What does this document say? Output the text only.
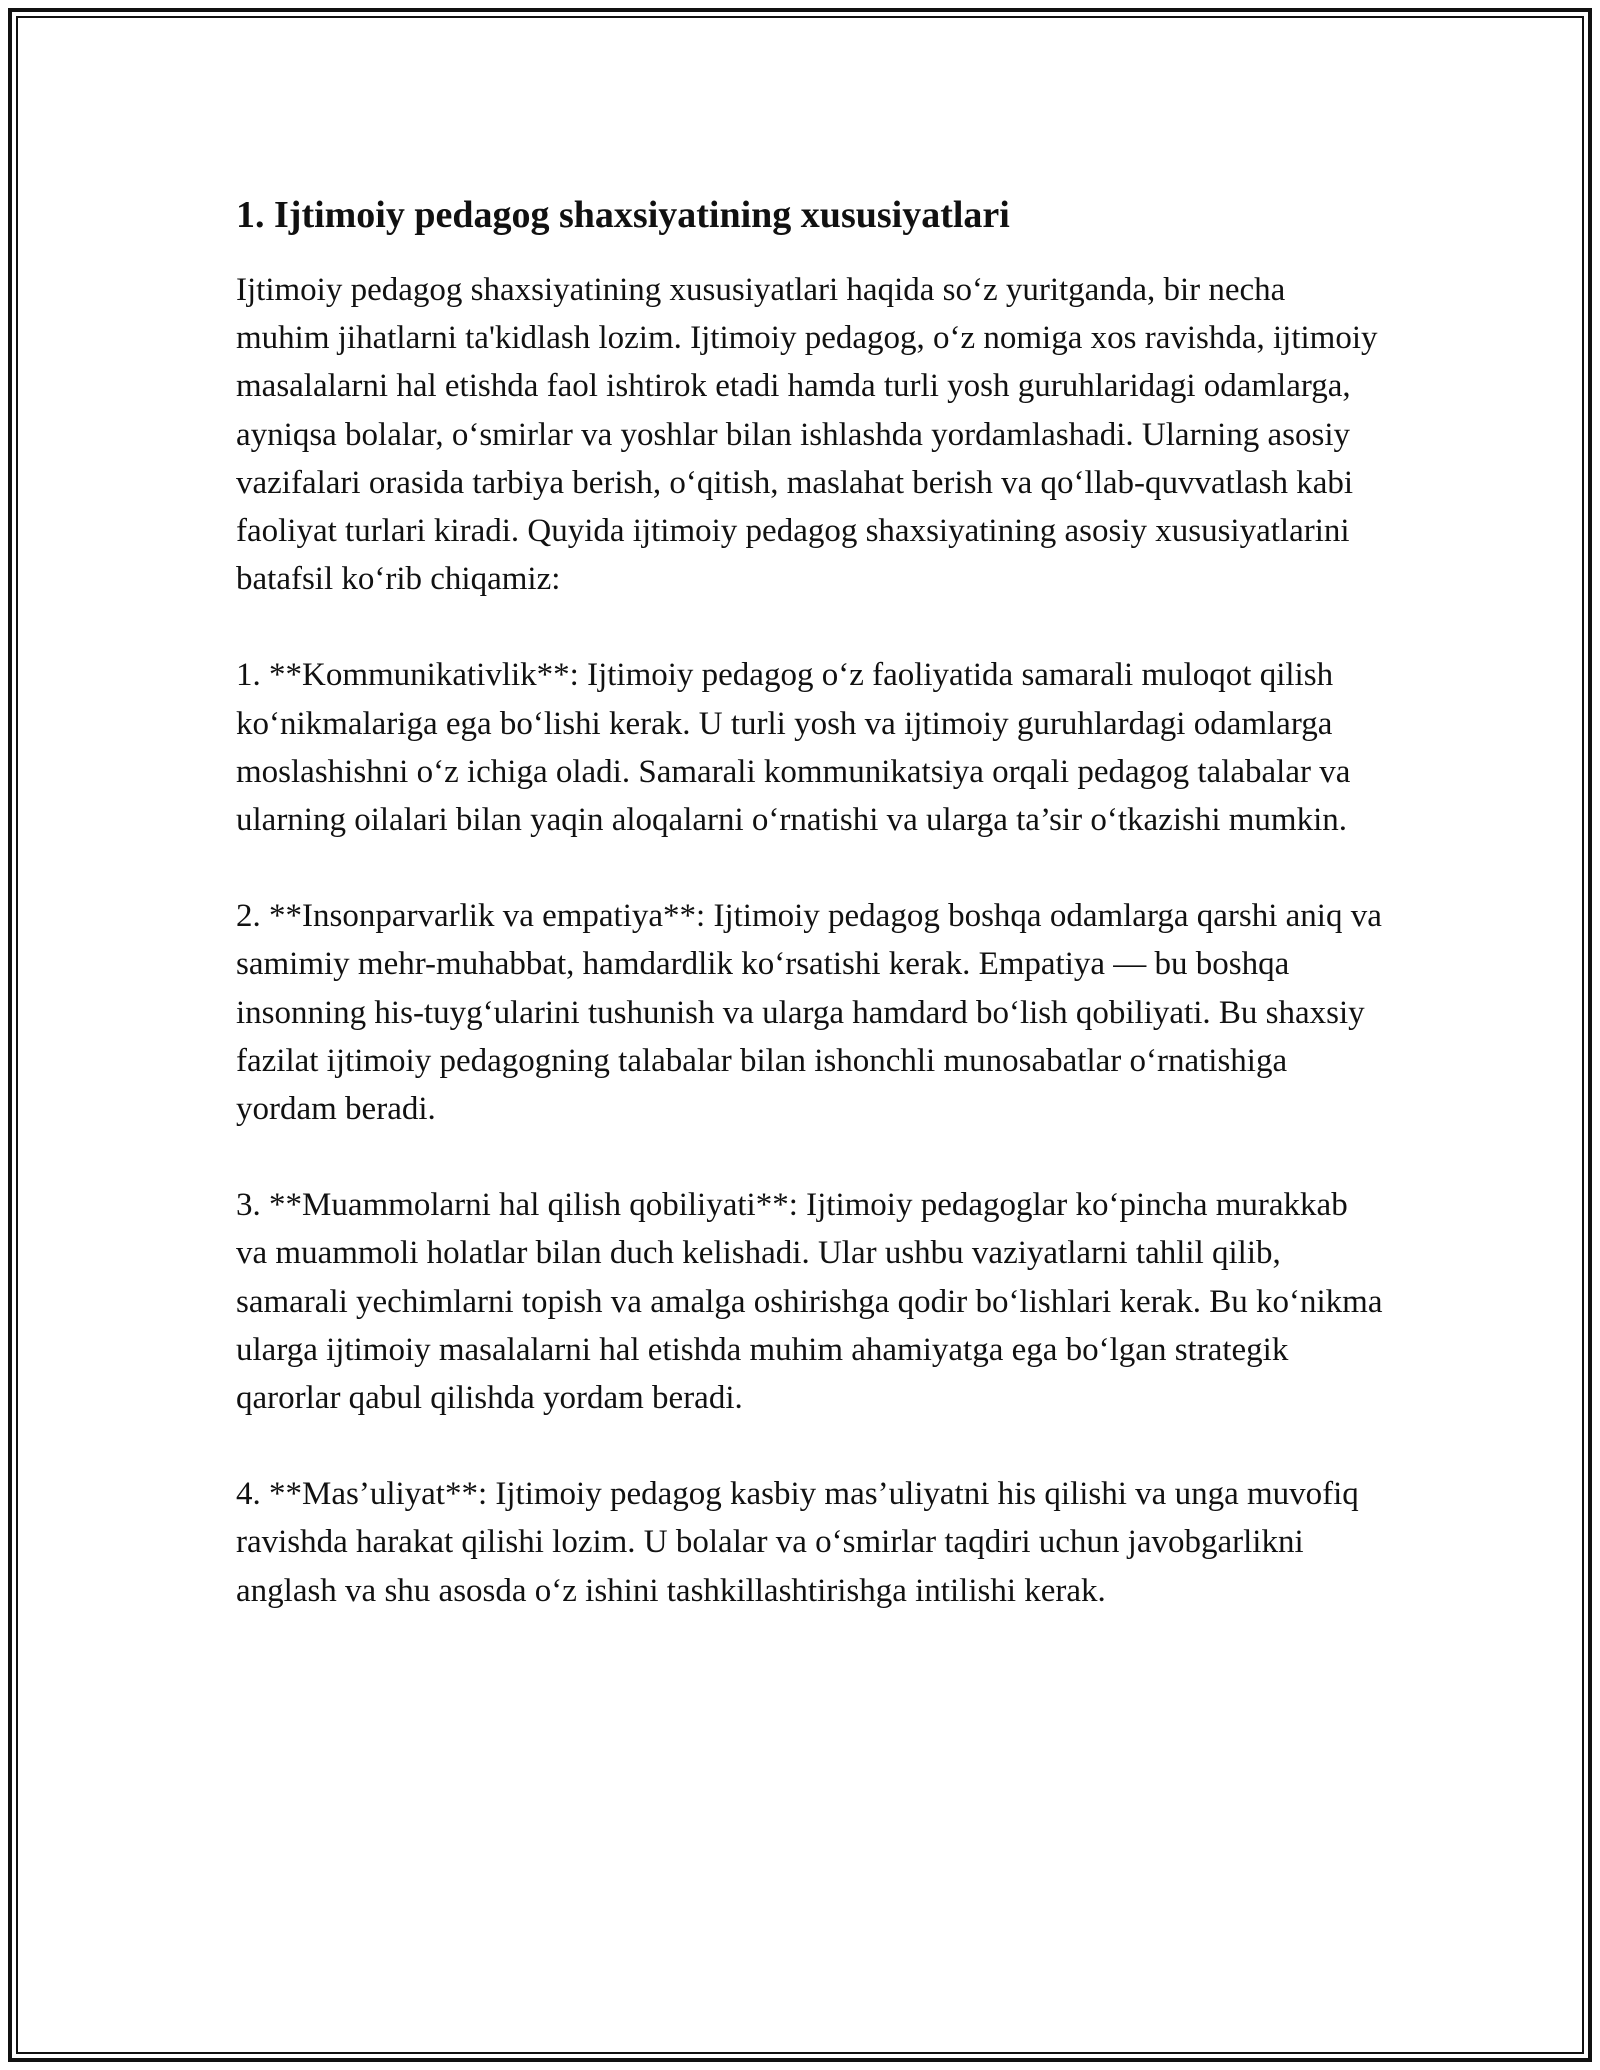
1. Ijtimoiy pedagog shaxsiyatining xususiyatlari

Ijtimoiy pedagog shaxsiyatining xususiyatlari haqida so‘z yuritganda, bir necha muhim jihatlarni ta'kidlash lozim. Ijtimoiy pedagog, o‘z nomiga xos ravishda, ijtimoiy masalalarni hal etishda faol ishtirok etadi hamda turli yosh guruhlaridagi odamlarga, ayniqsa bolalar, o‘smirlar va yoshlar bilan ishlashda yordamlashadi. Ularning asosiy vazifalari orasida tarbiya berish, o‘qitish, maslahat berish va qo‘llab-quvvatlash kabi faoliyat turlari kiradi. Quyida ijtimoiy pedagog shaxsiyatining asosiy xususiyatlarini batafsil ko‘rib chiqamiz:

1. **Kommunikativlik**: Ijtimoiy pedagog o‘z faoliyatida samarali muloqot qilish ko‘nikmalariga ega bo‘lishi kerak. U turli yosh va ijtimoiy guruhlardagi odamlarga moslashishni o‘z ichiga oladi. Samarali kommunikatsiya orqali pedagog talabalar va ularning oilalari bilan yaqin aloqalarni o‘rnatishi va ularga ta’sir o‘tkazishi mumkin.

2. **Insonparvarlik va empatiya**: Ijtimoiy pedagog boshqa odamlarga qarshi aniq va samimiy mehr-muhabbat, hamdardlik ko‘rsatishi kerak. Empatiya — bu boshqa insonning his-tuyg‘ularini tushunish va ularga hamdard bo‘lish qobiliyati. Bu shaxsiy fazilat ijtimoiy pedagogning talabalar bilan ishonchli munosabatlar o‘rnatishiga yordam beradi.

3. **Muammolarni hal qilish qobiliyati**: Ijtimoiy pedagoglar ko‘pincha murakkab va muammoli holatlar bilan duch kelishadi. Ular ushbu vaziyatlarni tahlil qilib, samarali yechimlarni topish va amalga oshirishga qodir bo‘lishlari kerak. Bu ko‘nikma ularga ijtimoiy masalalarni hal etishda muhim ahamiyatga ega bo‘lgan strategik qarorlar qabul qilishda yordam beradi.

4. **Mas’uliyat**: Ijtimoiy pedagog kasbiy mas’uliyatni his qilishi va unga muvofiq ravishda harakat qilishi lozim. U bolalar va o‘smirlar taqdiri uchun javobgarlikni anglash va shu asosda o‘z ishini tashkillashtirishga intilishi kerak.
